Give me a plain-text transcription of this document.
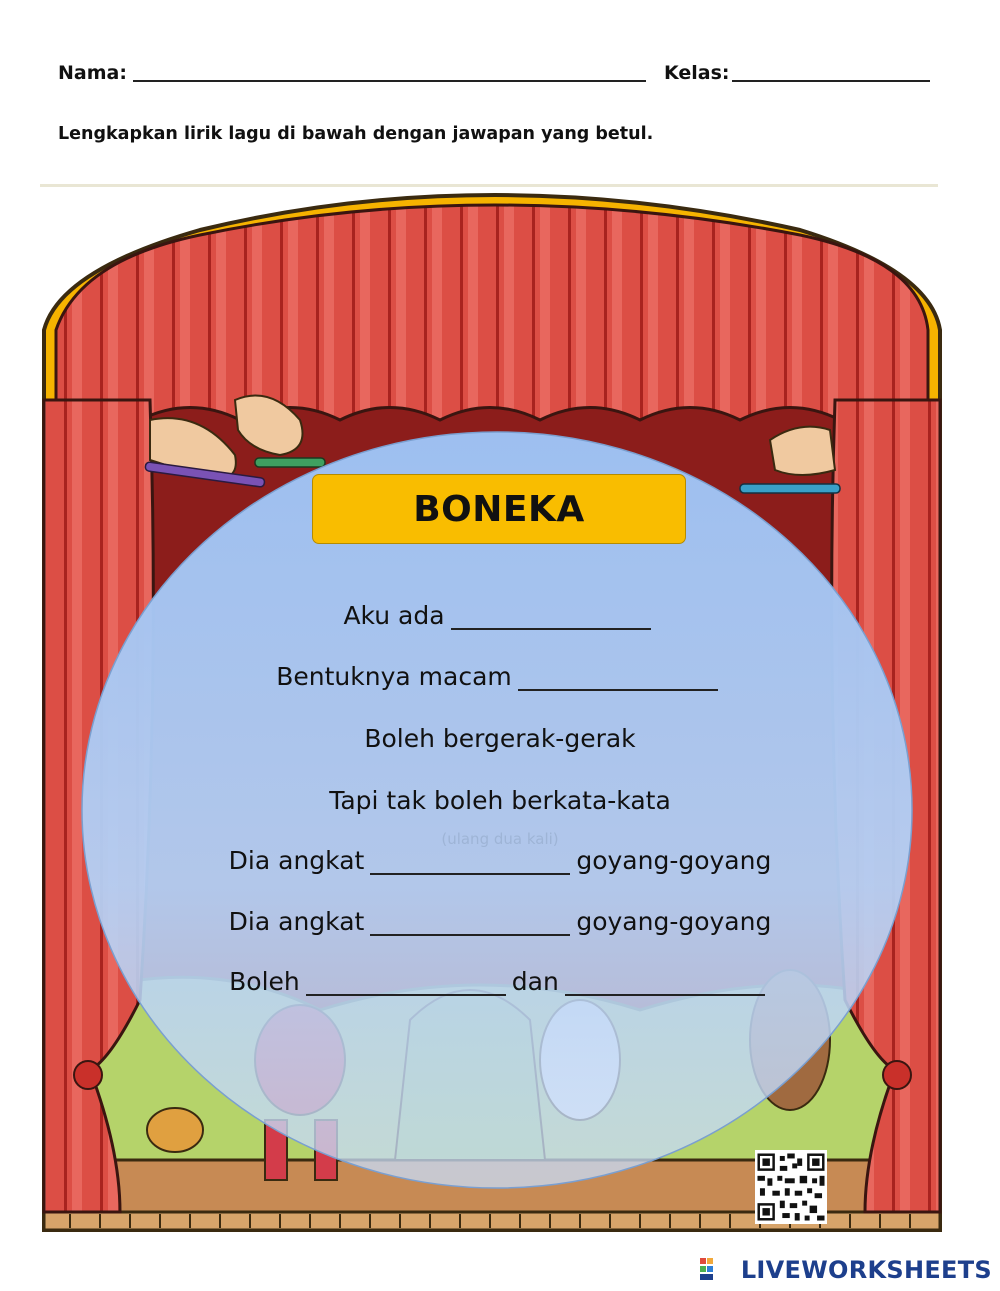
Nama:	Kelas:
Lengkapkan lirik lagu di bawah dengan jawapan yang betul.
BONEKA
Aku ada
Bentuknya macam
Boleh bergerak-gerak
Tapi tak boleh berkata-kata
(ulang dua kali)
Dia angkat	goyang-goyang
Dia angkat	goyang-goyang
Boleh	dan
LIVEWORKSHEETS
